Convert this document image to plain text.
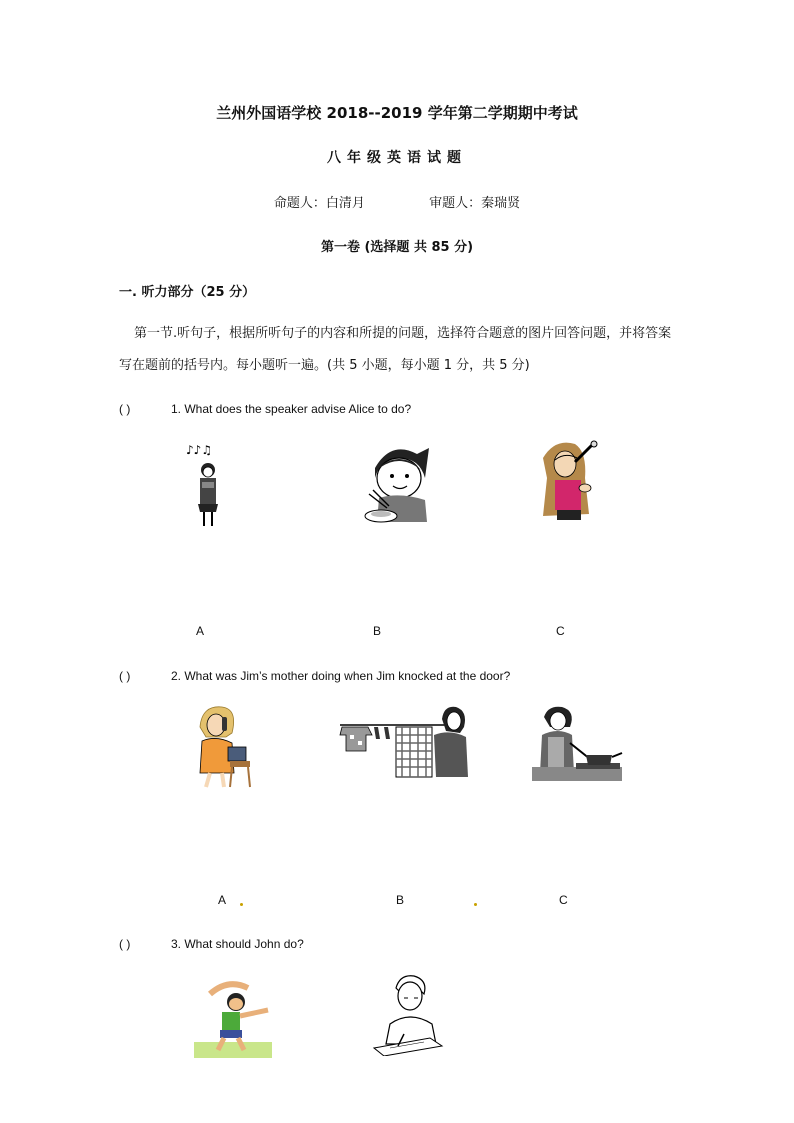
兰州外国语学校 2018--2019 学年第二学期期中考试
八年级英语试题
命题人：白清月	审题人：秦瑞贤
第一卷 (选择题 共 85 分)
一. 听力部分（25 分）
第一节.听句子，根据所听句子的内容和所提的问题，选择符合题意的图片回答问题，并将答案写在题前的括号内。每小题听一遍。(共 5 小题，每小题 1 分，共 5 分)
( )	1. What does the speaker advise Alice to do?
♪♪♫
A	B	C
( )	2. What was Jim’s mother doing when Jim knocked at the door?
A	B	C
( )	3. What should John do?
